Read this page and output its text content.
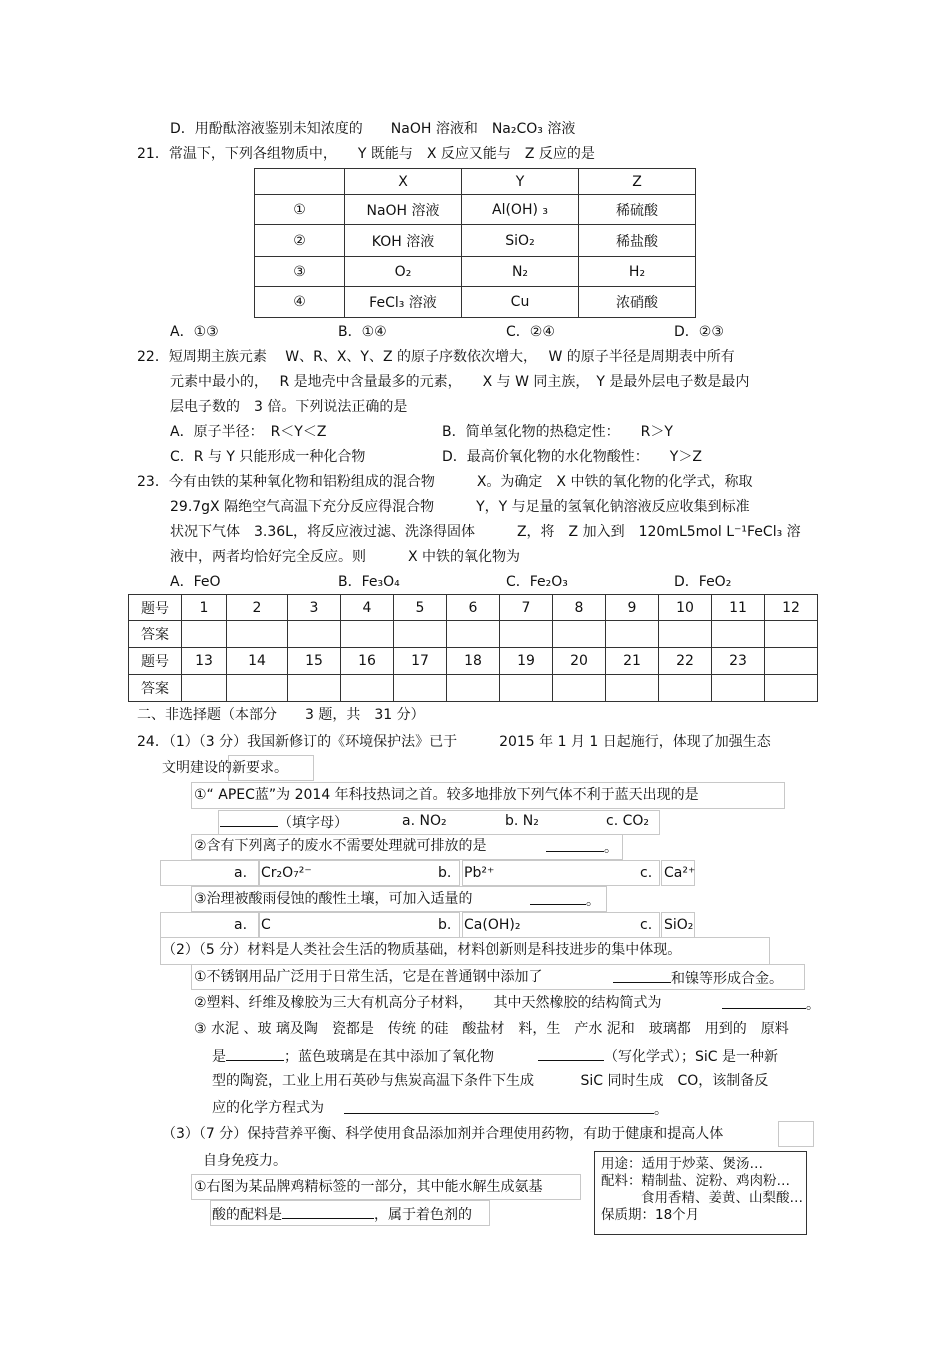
D．用酚酞溶液鉴别未知浓度的　　NaOH 溶液和　Na₂CO₃ 溶液
21．常温下，下列各组物质中，　　Y 既能与　X 反应又能与　Z 反应的是
	X	Y	Z
①	NaOH 溶液	Al(OH) ₃	稀硫酸
②	KOH 溶液	SiO₂	稀盐酸
③	O₂	N₂	H₂
④	FeCl₃ 溶液	Cu	浓硝酸
A．①③	B．①④	C．②④	D．②③
22．短周期主族元素　 W、R、X、Y、Z 的原子序数依次增大，　 W 的原子半径是周期表中所有
元素中最小的，　 R 是地壳中含量最多的元素，　　X 与 W 同主族，　Y 是最外层电子数是最内
层电子数的　3 倍。下列说法正确的是
A．原子半径：　R＜Y＜Z	B．简单氢化物的热稳定性：　　R＞Y
C．R 与 Y 只能形成一种化合物	D．最高价氧化物的水化物酸性：　　Y＞Z
23．今有由铁的某种氧化物和铝粉组成的混合物　　　X。为确定　X 中铁的氧化物的化学式，称取
29.7gX 隔绝空气高温下充分反应得混合物　　　Y，Y 与足量的氢氧化钠溶液反应收集到标准
状况下气体　3.36L，将反应液过滤、洗涤得固体　　　Z，将　Z 加入到　120mL5mol L⁻¹FeCl₃ 溶
液中，两者均恰好完全反应。则　　　X 中铁的氧化物为
A．FeO	B．Fe₃O₄	C．Fe₂O₃	D．FeO₂
题号	1	2	3	4	5	6	7	8	9	10	11	12
答案												
题号	13	14	15	16	17	18	19	20	21	22	23	
答案												
二、非选择题（本部分　　3 题，共　31 分）
24．（1）（3 分）我国新修订的《环境保护法》已于　　　2015 年 1 月 1 日起施行，体现了加强生态
文明建设的新要求。
①“ APEC蓝”为 2014 年科技热词之首。较多地排放下列气体不利于蓝天出现的是
（填字母）	a. NO₂	b. N₂	c. CO₂
②含有下列离子的废水不需要处理就可排放的是	。
a. Cr₂O₇²⁻	b. Pb²⁺	c. Ca²⁺
③治理被酸雨侵蚀的酸性土壤，可加入适量的	。
a. C	b. Ca(OH)₂	c. SiO₂
（2）（5 分）材料是人类社会生活的物质基础，材料创新则是科技进步的集中体现。
①不锈钢用品广泛用于日常生活，它是在普通钢中添加了	和镍等形成合金。
②塑料、纤维及橡胶为三大有机高分子材料，　　其中天然橡胶的结构简式为	。
③ 水泥 、玻 璃及陶　瓷都是　传统 的硅　酸盐材　料，生　产水 泥和　玻璃都　用到的　原料
是	；蓝色玻璃是在其中添加了氧化物	（写化学式）；SiC 是一种新
型的陶瓷，工业上用石英砂与焦炭高温下条件下生成　　　 SiC 同时生成　CO，该制备反
应的化学方程式为	。
（3）（7 分）保持营养平衡、科学使用食品添加剂并合理使用药物，有助于健康和提高人体
自身免疫力。
①右图为某品牌鸡精标签的一部分，其中能水解生成氨基
酸的配料是	，属于着色剂的
用途：适用于炒菜、煲汤…
配料：精制盐、淀粉、鸡肉粉…
食用香精、姜黄、山梨酸…
保质期：18个月
